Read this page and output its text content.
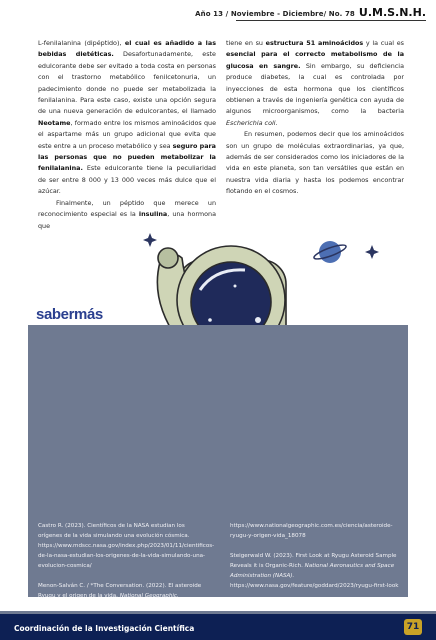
Año 13 / Noviembre - Diciembre/ No. 78 U.M.S.N.H.

L-fenilalanina (dipéptido), el cual es añadido a las bebidas dietéticas. Desafortunadamente, este edulcorante debe ser evitado a toda costa en personas con el trastorno metabólico fenilcetonuria, un padecimiento donde no puede ser metabolizada la fenilalanina. Para este caso, existe una opción segura de una nueva generación de edulcorantes, el llamado Neotame, formado entre los mismos aminoácidos que el aspartame más un grupo adicional que evita que este entre a un proceso metabólico y sea seguro para las personas que no pueden metabolizar la fenilalanina. Este edulcorante tiene la peculiaridad de ser entre 8 000 y 13 000 veces más dulce que el azúcar.

Finalmente, un péptido que merece un reconocimiento especial es la insulina, una hormona que

tiene en su estructura 51 aminoácidos y la cual es esencial para el correcto metabolismo de la glucosa en sangre. Sin embargo, su deficiencia produce diabetes, la cual es controlada por inyecciones de esta hormona que los científicos obtienen a través de ingeniería genética con ayuda de algunos microorganismos, como la bacteria Escherichia coli.

En resumen, podemos decir que los aminoácidos son un grupo de moléculas extraordinarias, ya que, además de ser considerados como los iniciadores de la vida en este planeta, son tan versátiles que están en nuestra vida diaria y hasta los podemos encontrar flotando en el cosmos.

sabermás

Castro R. (2023). Científicos de la NASA estudian los orígenes de la vida simulando una evolución cósmica. https://www.mdscc.nasa.gov/index.php/2023/01/11/cientificos-de-la-nasa-estudian-los-origenes-de-la-vida-simulando-una-evolucion-cosmica/

Menon-Salván C. / *The Conversation. (2022). El asteroide Ryugu y el origen de la vida. National Geographic.

https://www.nationalgeographic.com.es/ciencia/asteroide-ryugu-y-origen-vida_18078

Steigerwald W. (2023). First Look at Ryugu Asteroid Sample Reveals it is Organic-Rich. National Aeronautics and Space Administration (NASA). https://www.nasa.gov/feature/goddard/2023/ryugu-first-look

Coordinación de la Investigación Científica	71
